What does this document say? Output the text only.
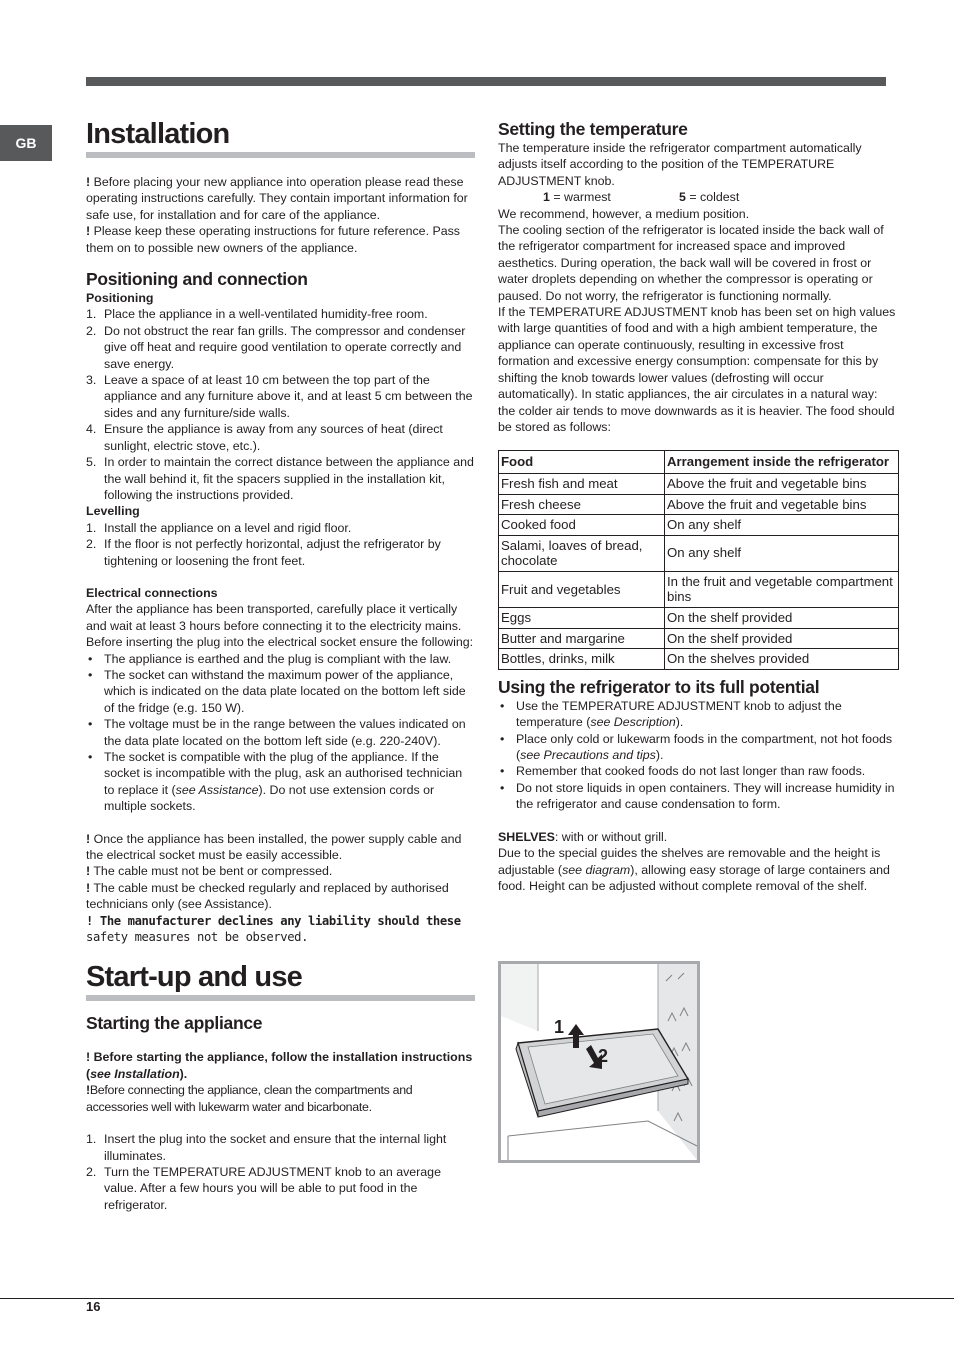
GB	Installation

! Before placing your new appliance into operation please read these operating instructions carefully. They contain important information for safe use, for installation and for care of the appliance.

! Please keep these operating instructions for future reference. Pass them on to possible new owners of the appliance.

Positioning and connection

Positioning

1. Place the appliance in a well-ventilated humidity-free room.
2. Do not obstruct the rear fan grills. The compressor and condenser give off heat and require good ventilation to operate correctly and save energy.
3. Leave a space of at least 10 cm between the top part of the appliance and any furniture above it, and at least 5 cm between the sides and any furniture/side walls.
4. Ensure the appliance is away from any sources of heat (direct sunlight, electric stove, etc.).
5. In order to maintain the correct distance between the appliance and the wall behind it, fit the spacers supplied in the installation kit, following the instructions provided.

Levelling

1. Install the appliance on a level and rigid floor.
2. If the floor is not perfectly horizontal, adjust the refrigerator by tightening or loosening the front feet.

Electrical connections

After the appliance has been transported, carefully place it vertically and wait at least 3 hours before connecting it to the electricity mains. Before inserting the plug into the electrical socket ensure the following:

• The appliance is earthed and the plug is compliant with the law.
• The socket can withstand the maximum power of the appliance, which is indicated on the data plate located on the bottom left side of the fridge (e.g. 150 W).
• The voltage must be in the range between the values indicated on the data plate located on the bottom left side (e.g. 220-240V).
• The socket is compatible with the plug of the appliance. If the socket is incompatible with the plug, ask an authorised technician to replace it (see Assistance). Do not use extension cords or multiple sockets.

! Once the appliance has been installed, the power supply cable and the electrical socket must be easily accessible.

! The cable must not be bent or compressed.

! The cable must be checked regularly and replaced by authorised technicians only (see Assistance).

! The manufacturer declines any liability should these

safety measures not be observed.

Start-up and use
Starting the appliance

! Before starting the appliance, follow the installation instructions (see Installation).

!Before connecting the appliance, clean the compartments and accessories well with lukewarm water and bicarbonate.

1. Insert the plug into the socket and ensure that the internal light illuminates.
2. Turn the TEMPERATURE ADJUSTMENT knob to an average value. After a few hours you will be able to put food in the refrigerator.
Setting the temperature

The temperature inside the refrigerator compartment automatically adjusts itself according to the position of the TEMPERATURE ADJUSTMENT knob.

1 = warmest	5 = coldest

We recommend, however, a medium position.

The cooling section of the refrigerator is located inside the back wall of the refrigerator compartment for increased space and improved aesthetics. During operation, the back wall will be covered in frost or water droplets depending on whether the compressor is operating or paused. Do not worry, the refrigerator is functioning normally.

If the TEMPERATURE ADJUSTMENT knob has been set on high values with large quantities of food and with a high ambient temperature, the appliance can operate continuously, resulting in excessive frost formation and excessive energy consumption: compensate for this by shifting the knob towards lower values (defrosting will occur automatically). In static appliances, the air circulates in a natural way: the colder air tends to move downwards as it is heavier. The food should be stored as follows:

Food	Arrangement inside the refrigerator
Fresh fish and meat	Above the fruit and vegetable bins
Fresh cheese	Above the fruit and vegetable bins
Cooked food	On any shelf
Salami, loaves of bread, chocolate	On any shelf
Fruit and vegetables	In the fruit and vegetable compartment bins
Eggs	On the shelf provided
Butter and margarine	On the shelf provided
Bottles, drinks, milk	On the shelves provided
Using the refrigerator to its full potential
• Use the TEMPERATURE ADJUSTMENT knob to adjust the temperature (see Description).
• Place only cold or lukewarm foods in the compartment, not hot foods (see Precautions and tips).
• Remember that cooked foods do not last longer than raw foods.
• Do not store liquids in open containers. They will increase humidity in the refrigerator and cause condensation to form.

SHELVES: with or without grill.

Due to the special guides the shelves are removable and the height is adjustable (see diagram), allowing easy storage of large containers and food. Height can be adjusted without complete removal of the shelf.

1
2
16
